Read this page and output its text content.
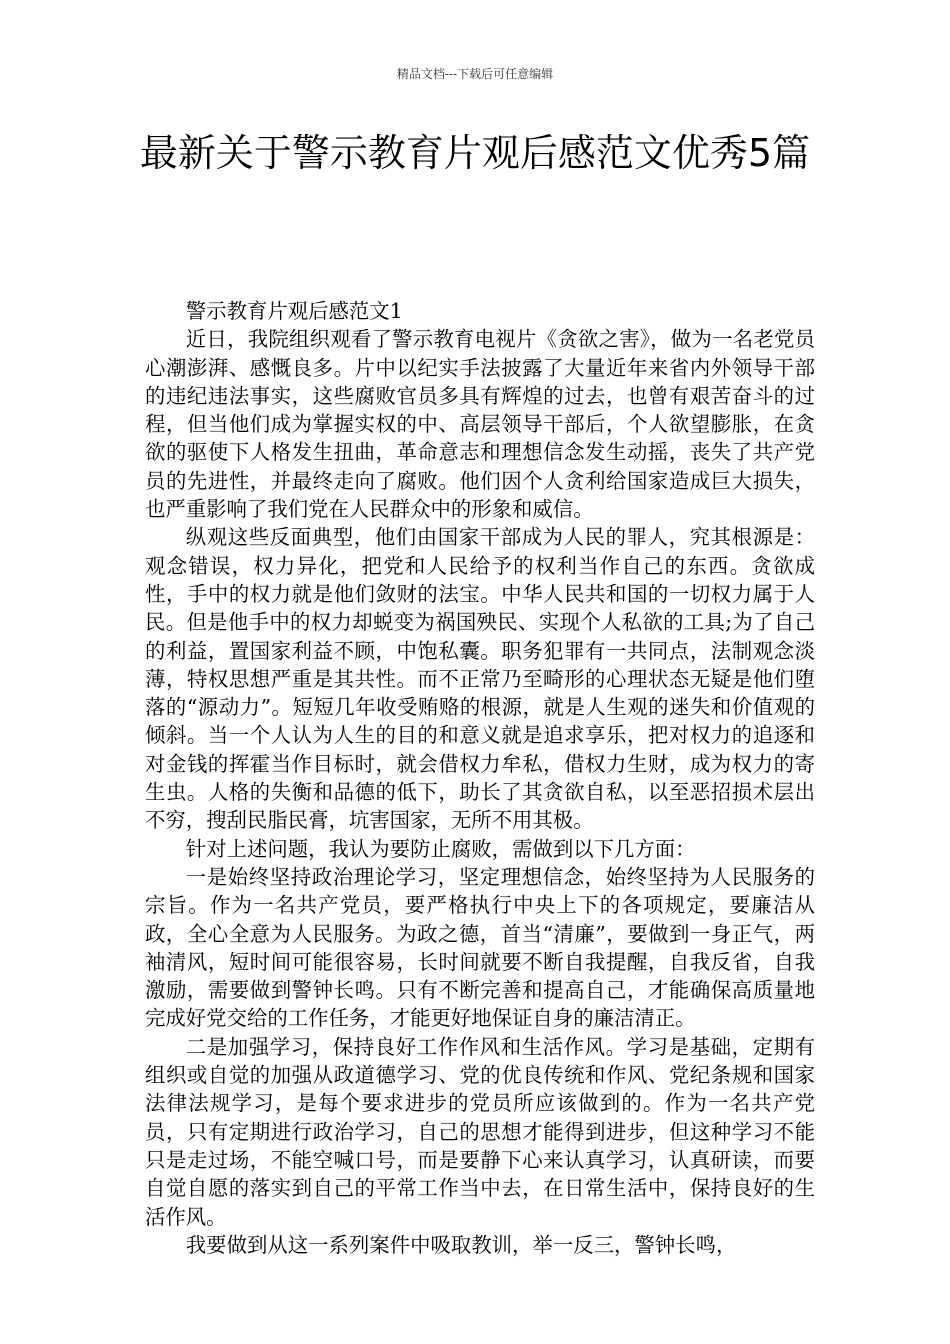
精品文档---下载后可任意编辑
最新关于警示教育片观后感范文优秀5篇

警示教育片观后感范文1

近日，我院组织观看了警示教育电视片《贪欲之害》，做为一名老党员心潮澎湃、感慨良多。片中以纪实手法披露了大量近年来省内外领导干部的违纪违法事实，这些腐败官员多具有辉煌的过去，也曾有艰苦奋斗的过程，但当他们成为掌握实权的中、高层领导干部后，个人欲望膨胀，在贪欲的驱使下人格发生扭曲，革命意志和理想信念发生动摇，丧失了共产党员的先进性，并最终走向了腐败。他们因个人贪利给国家造成巨大损失，也严重影响了我们党在人民群众中的形象和威信。

纵观这些反面典型，他们由国家干部成为人民的罪人，究其根源是：观念错误，权力异化，把党和人民给予的权利当作自己的东西。贪欲成性，手中的权力就是他们敛财的法宝。中华人民共和国的一切权力属于人民。但是他手中的权力却蜕变为祸国殃民、实现个人私欲的工具;为了自己的利益，置国家利益不顾，中饱私囊。职务犯罪有一共同点，法制观念淡薄，特权思想严重是其共性。而不正常乃至畸形的心理状态无疑是他们堕落的“源动力”。短短几年收受贿赂的根源，就是人生观的迷失和价值观的倾斜。当一个人认为人生的目的和意义就是追求享乐，把对权力的追逐和对金钱的挥霍当作目标时，就会借权力牟私，借权力生财，成为权力的寄生虫。人格的失衡和品德的低下，助长了其贪欲自私，以至恶招损术层出不穷，搜刮民脂民膏，坑害国家，无所不用其极。

针对上述问题，我认为要防止腐败，需做到以下几方面：

一是始终坚持政治理论学习，坚定理想信念，始终坚持为人民服务的宗旨。作为一名共产党员，要严格执行中央上下的各项规定，要廉洁从政，全心全意为人民服务。为政之德，首当“清廉”，要做到一身正气，两袖清风，短时间可能很容易，长时间就要不断自我提醒，自我反省，自我激励，需要做到警钟长鸣。只有不断完善和提高自己，才能确保高质量地完成好党交给的工作任务，才能更好地保证自身的廉洁清正。

二是加强学习，保持良好工作作风和生活作风。学习是基础，定期有组织或自觉的加强从政道德学习、党的优良传统和作风、党纪条规和国家法律法规学习，是每个要求进步的党员所应该做到的。作为一名共产党员，只有定期进行政治学习，自己的思想才能得到进步，但这种学习不能只是走过场，不能空喊口号，而是要静下心来认真学习，认真研读，而要自觉自愿的落实到自己的平常工作当中去，在日常生活中，保持良好的生活作风。

我要做到从这一系列案件中吸取教训，举一反三，警钟长鸣，
